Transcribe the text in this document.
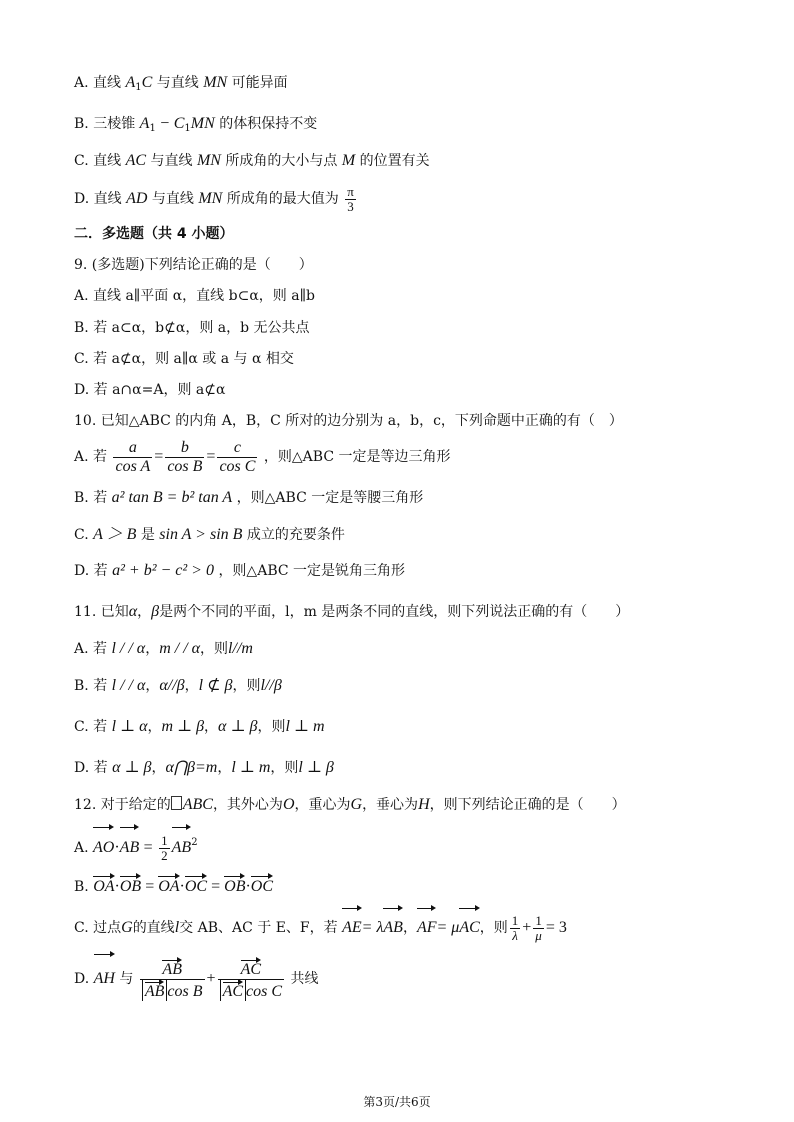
A. 直线 $A_1C$ 与直线 MN 可能异面
B. 三棱锥 $A_1 - C_1MN$ 的体积保持不变
C. 直线 AC 与直线 MN 所成角的大小与点 M 的位置有关
D. 直线 AD 与直线 MN 所成角的最大值为 $\frac{\pi}{3}$
二．多选题（共 4 小题）
9. (多选题)下列结论正确的是（　　）
A. 直线 a∥平面 α，直线 b⊂α，则 a∥b
B. 若 a⊂α，b⊄α，则 a，b 无公共点
C. 若 a⊄α，则 a∥α 或 a 与 α 相交
D. 若 a∩α=A，则 a⊄α
10. 已知△ABC 的内角 A，B，C 所对的边分别为 a，b，c，下列命题中正确的有（　）
A. 若 $\frac{a}{\text{cos A}} = \frac{b}{\text{cos B}} = \frac{c}{\text{cos C}}$ ，则△ABC 一定是等边三角形
B. 若 a² tan B = b² tan A ，则△ABC 一定是等腰三角形
C. A ＞ B 是 sin A > sin B 成立的充要条件
D. 若 a² + b² − c² > 0 ，则△ABC 一定是锐角三角形
11. 已知α，β是两个不同的平面，l，m 是两条不同的直线，则下列说法正确的有（　　）
A. 若 l / / α，m / / α，则l//m
B. 若 l / / α，α//β，l ⊄ β，则l//β
C. 若 l ⊥ α，m ⊥ β，α ⊥ β，则l ⊥ m
D. 若 α ⊥ β，α⋂β=m，l ⊥ m，则l ⊥ β
12. 对于给定的 ABC，其外心为O，重心为G，垂心为H，则下列结论正确的是（　　）
A. $AO\cdot AB = \frac{1}{2} AB^2$
B. OA·OB = OA·OC = OB·OC
C. 过点G的直线l交 AB、AC 于 E、F，若 AE= λAB，AF= μAC，则 $\frac{1}{\lambda} + \frac{1}{\mu} = 3$
D. AH 与 $\frac{AB}{\text{AB cos B}} + \frac{AC}{\text{AC cos C}}$ 共线
第3页/共6页
